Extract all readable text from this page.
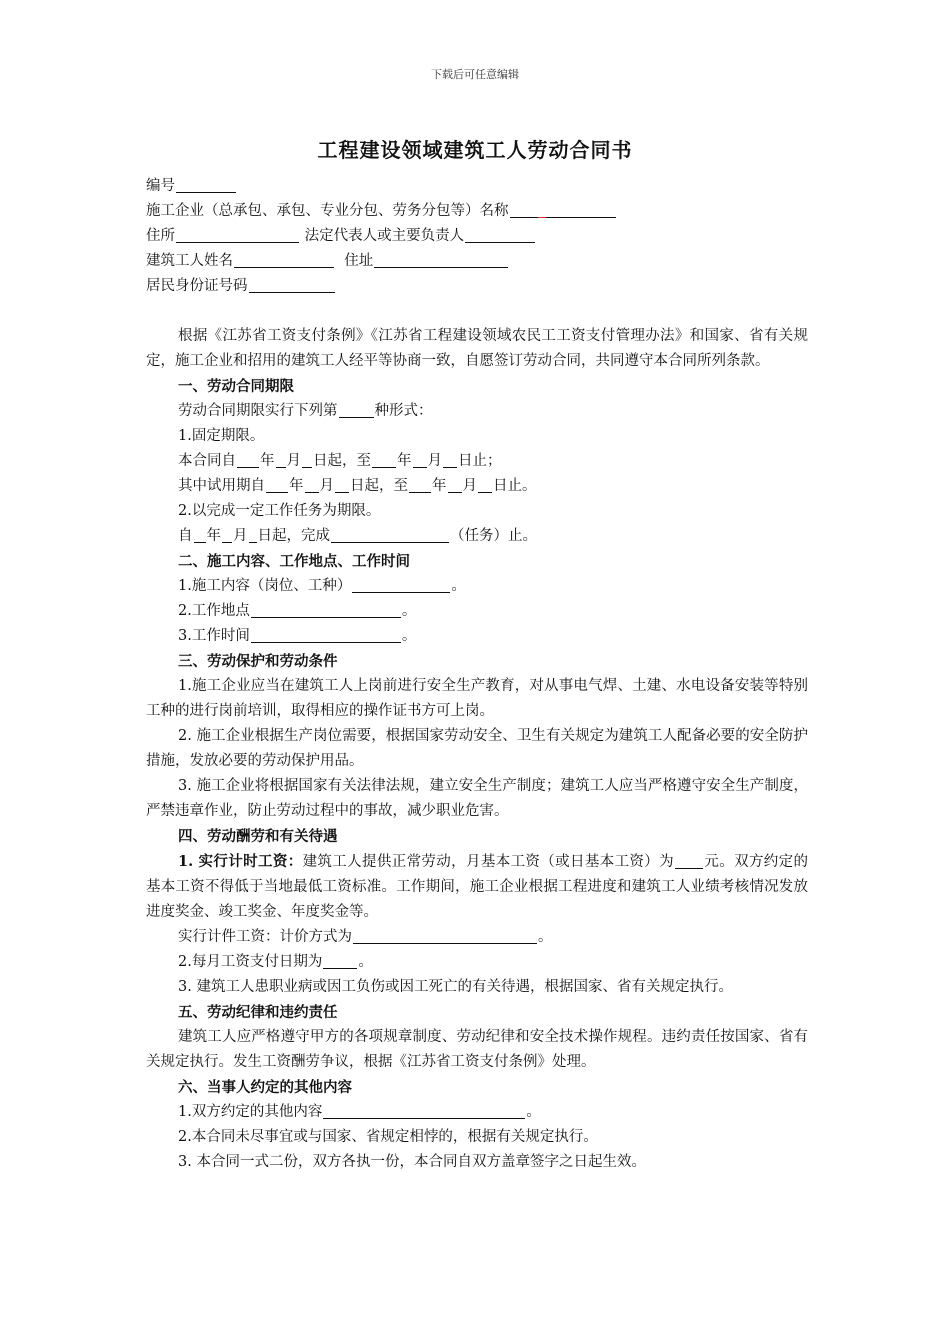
下载后可任意编辑
工程建设领域建筑工人劳动合同书
编号
施工企业（总承包、承包、专业分包、劳务分包等）名称
住所	法定代表人或主要负责人
建筑工人姓名	住址
居民身份证号码
根据《江苏省工资支付条例》《江苏省工程建设领域农民工工资支付管理办法》和国家、省有关规定，施工企业和招用的建筑工人经平等协商一致，自愿签订劳动合同，共同遵守本合同所列条款。
一、劳动合同期限
劳动合同期限实行下列第	种形式：
1.固定期限。
本合同自 年 月 日起，至 年 月 日止；
其中试用期自 年 月 日起，至 年 月 日止。
2.以完成一定工作任务为期限。
自 年 月 日起，完成	（任务）止。
二、施工内容、工作地点、工作时间
1.施工内容（岗位、工种）	。
2.工作地点	。
3.工作时间	。
三、劳动保护和劳动条件
1.施工企业应当在建筑工人上岗前进行安全生产教育，对从事电气焊、土建、水电设备安装等特别工种的进行岗前培训，取得相应的操作证书方可上岗。
2. 施工企业根据生产岗位需要，根据国家劳动安全、卫生有关规定为建筑工人配备必要的安全防护措施，发放必要的劳动保护用品。
3. 施工企业将根据国家有关法律法规，建立安全生产制度；建筑工人应当严格遵守安全生产制度，严禁违章作业，防止劳动过程中的事故，减少职业危害。
四、劳动酬劳和有关待遇
1. 实行计时工资：建筑工人提供正常劳动，月基本工资（或日基本工资）为 元。双方约定的基本工资不得低于当地最低工资标准。工作期间，施工企业根据工程进度和建筑工人业绩考核情况发放进度奖金、竣工奖金、年度奖金等。
实行计件工资：计价方式为	。
2.每月工资支付日期为 。
3. 建筑工人患职业病或因工负伤或因工死亡的有关待遇，根据国家、省有关规定执行。
五、劳动纪律和违约责任
建筑工人应严格遵守甲方的各项规章制度、劳动纪律和安全技术操作规程。违约责任按国家、省有关规定执行。发生工资酬劳争议，根据《江苏省工资支付条例》处理。
六、当事人约定的其他内容
1.双方约定的其他内容	。
2.本合同未尽事宜或与国家、省规定相悖的，根据有关规定执行。
3. 本合同一式二份，双方各执一份，本合同自双方盖章签字之日起生效。
